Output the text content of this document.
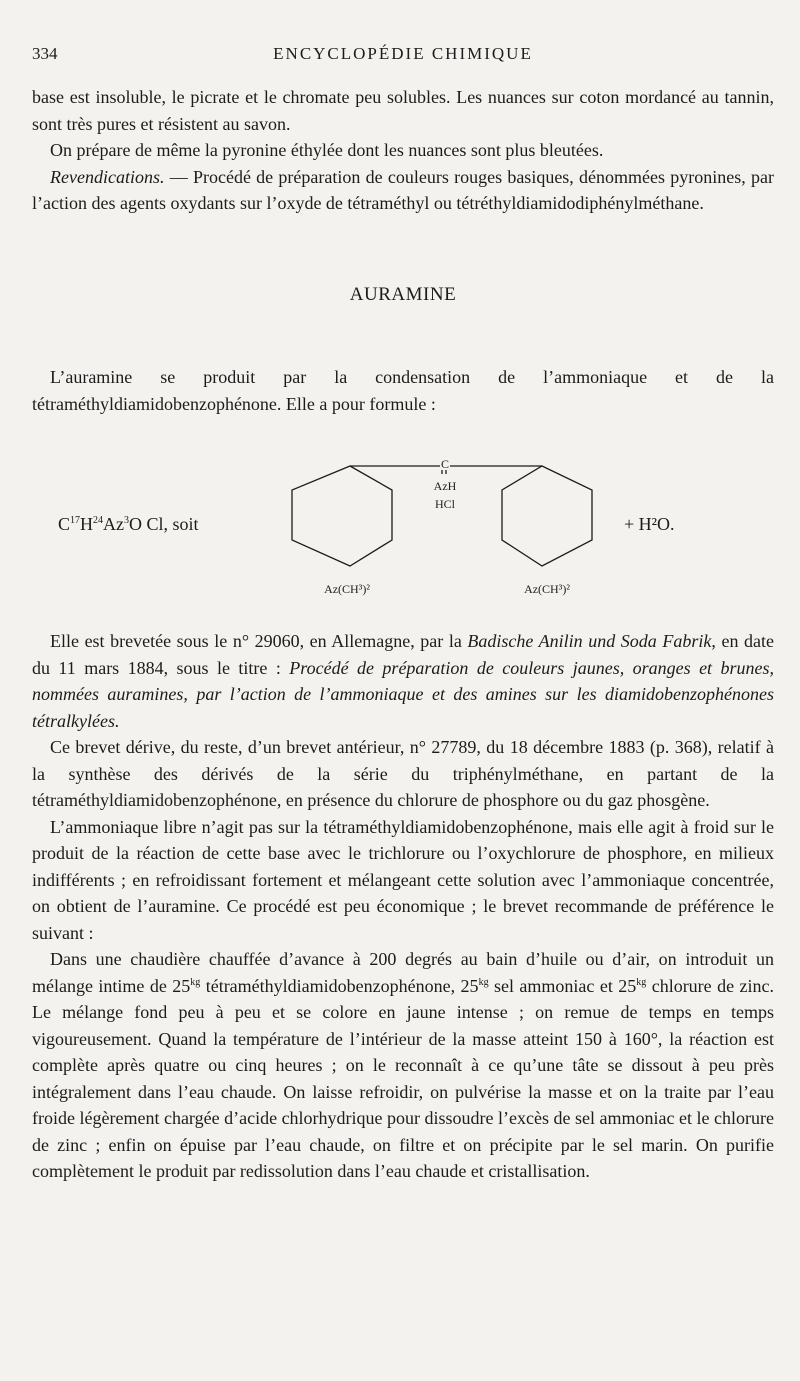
334	ENCYCLOPÉDIE CHIMIQUE

base est insoluble, le picrate et le chromate peu solubles. Les nuances sur coton mordancé au tannin, sont très pures et résistent au savon.

On prépare de même la pyronine éthylée dont les nuances sont plus bleutées.

Revendications. — Procédé de préparation de couleurs rouges basiques, dénommées pyronines, par l’action des agents oxydants sur l’oxyde de tétraméthyl ou tétréthyldiamidodiphénylméthane.

AURAMINE

L’auramine se produit par la condensation de l’ammoniaque et de la tétraméthyldiamidobenzophénone. Elle a pour formule :

$C^{17}H^{24}Az^3O$ Cl, soit
C
AzH
HCl
Az(CH³)²	Az(CH³)²
+ H²O.

Elle est brevetée sous le n° 29060, en Allemagne, par la Badische Anilin und Soda Fabrik, en date du 11 mars 1884, sous le titre : Procédé de préparation de couleurs jaunes, oranges et brunes, nommées auramines, par l’action de l’ammoniaque et des amines sur les diamidobenzophénones tétralkylées.

Ce brevet dérive, du reste, d’un brevet antérieur, n° 27789, du 18 décembre 1883 (p. 368), relatif à la synthèse des dérivés de la série du triphénylméthane, en partant de la tétraméthyldiamidobenzophénone, en présence du chlorure de phosphore ou du gaz phosgène.

L’ammoniaque libre n’agit pas sur la tétraméthyldiamidobenzophénone, mais elle agit à froid sur le produit de la réaction de cette base avec le trichlorure ou l’oxychlorure de phosphore, en milieux indifférents ; en refroidissant fortement et mélangeant cette solution avec l’ammoniaque concentrée, on obtient de l’auramine. Ce procédé est peu économique ; le brevet recommande de préférence le suivant :

Dans une chaudière chauffée d’avance à 200 degrés au bain d’huile ou d’air, on introduit un mélange intime de $25^{kg}$ tétraméthyldiamidobenzophénone, $25^{kg}$ sel ammoniac et $25^{kg}$ chlorure de zinc. Le mélange fond peu à peu et se colore en jaune intense ; on remue de temps en temps vigoureusement. Quand la température de l’intérieur de la masse atteint 150 à 160°, la réaction est complète après quatre ou cinq heures ; on le reconnaît à ce qu’une tâte se dissout à peu près intégralement dans l’eau chaude. On laisse refroidir, on pulvérise la masse et on la traite par l’eau froide légèrement chargée d’acide chlorhydrique pour dissoudre l’excès de sel ammoniac et le chlorure de zinc ; enfin on épuise par l’eau chaude, on filtre et on précipite par le sel marin. On purifie complètement le produit par redissolution dans l’eau chaude et cristallisation.
